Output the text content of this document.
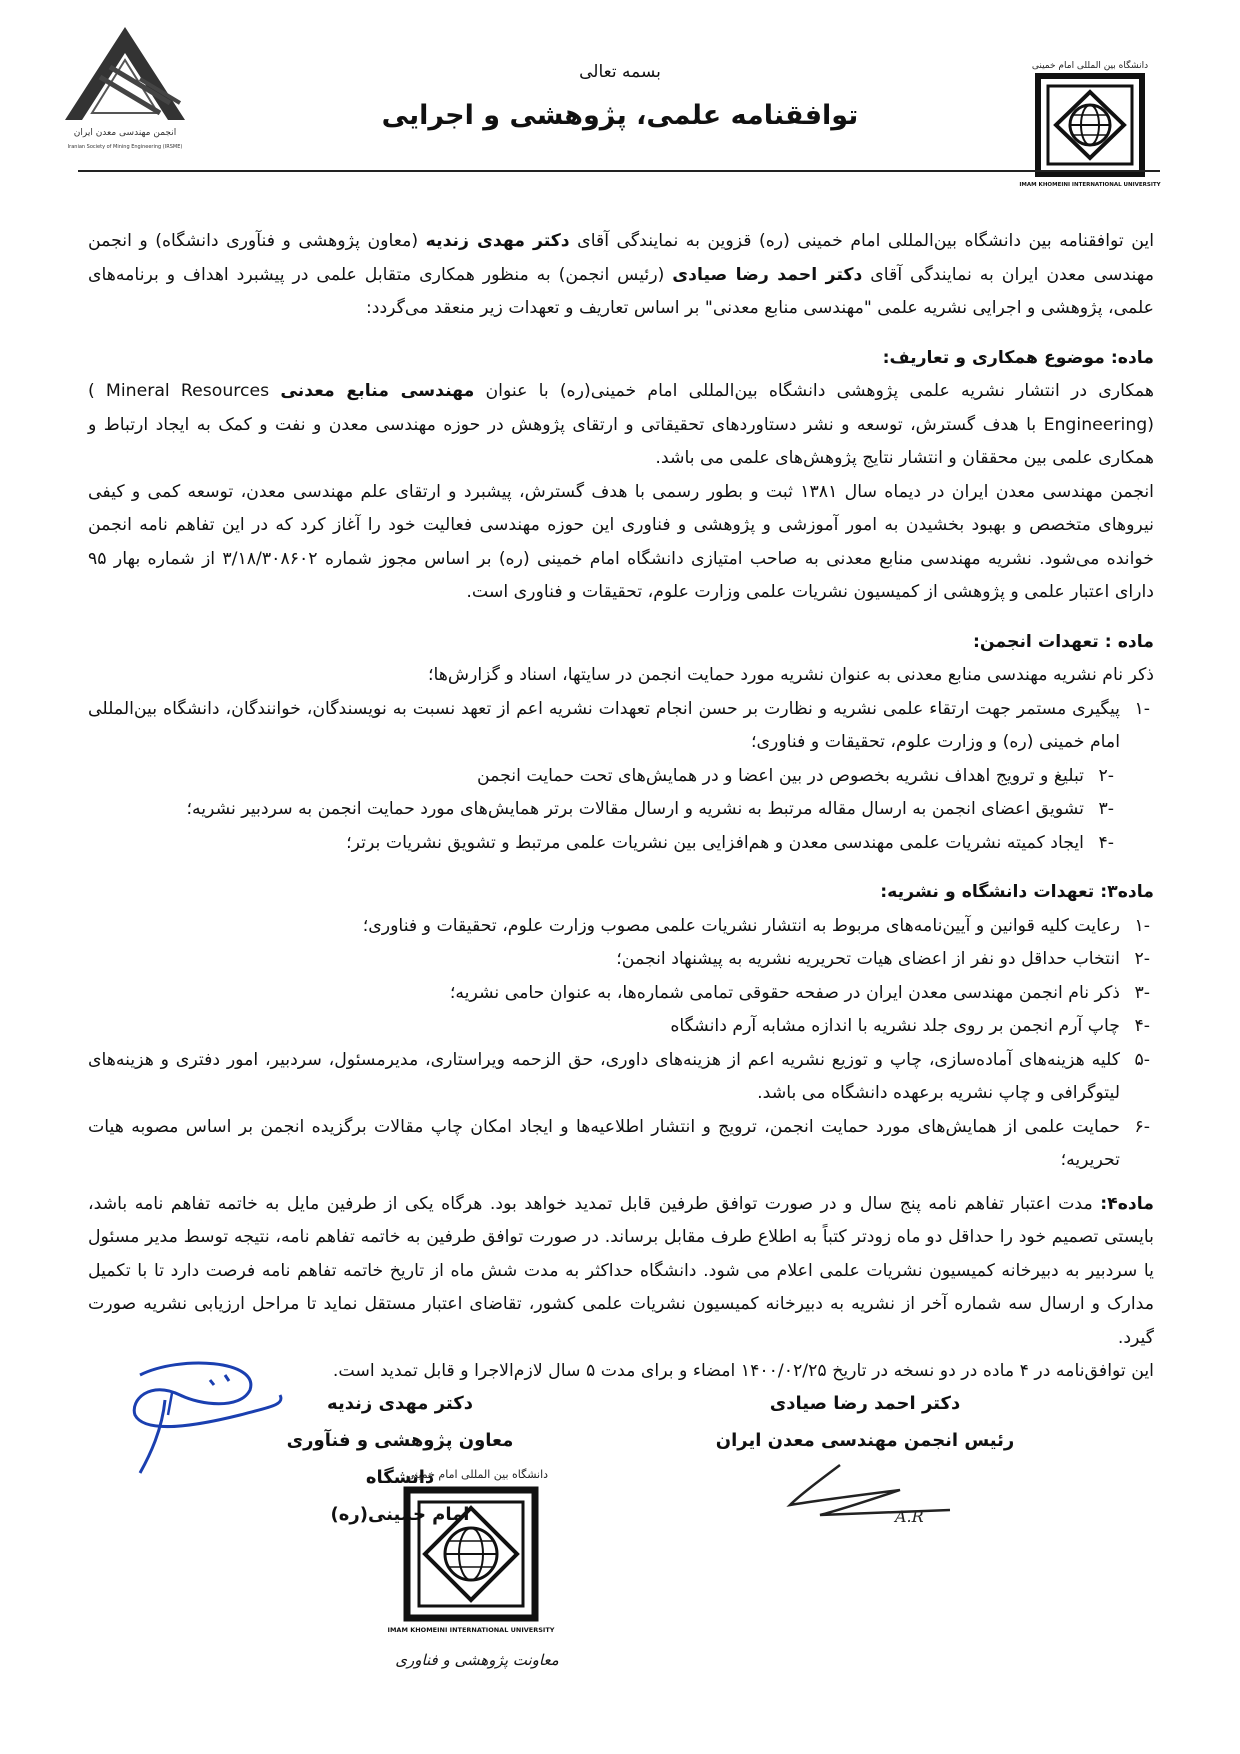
بسمه تعالی
توافقنامه علمی، پژوهشی و اجرایی
انجمن مهندسی معدن ایران
Iranian Society of Mining Engineering (IRSME)
دانشگاه بین المللی امام خمینی
IMAM KHOMEINI INTERNATIONAL UNIVERSITY

این توافقنامه بین دانشگاه بین‌المللی امام خمینی (ره) قزوین به نمایندگی آقای دکتر مهدی زندیه (معاون پژوهشی و فنآوری دانشگاه) و انجمن مهندسی معدن ایران به نمایندگی آقای دکتر احمد رضا صیادی (رئیس انجمن) به منظور همکاری متقابل علمی در پیشبرد اهداف و برنامه‌های علمی، پژوهشی و اجرایی نشریه علمی "مهندسی منابع معدنی" بر اساس تعاریف و تعهدات زیر منعقد می‌گردد:

ماده: موضوع همکاری و تعاریف:

همکاری در انتشار نشریه علمی پژوهشی دانشگاه بین‌المللی امام خمینی(ره) با عنوان مهندسی منابع معدنی ( Mineral Resources Engineering) با هدف گسترش، توسعه و نشر دستاوردهای تحقیقاتی و ارتقای پژوهش در حوزه مهندسی معدن و نفت و کمک به ایجاد ارتباط و همکاری علمی بین محققان و انتشار نتایج پژوهش‌های علمی می باشد.

انجمن مهندسی معدن ایران در دیماه سال ۱۳۸۱ ثبت و بطور رسمی با هدف گسترش، پیشبرد و ارتقای علم مهندسی معدن، توسعه کمی و کیفی نیروهای متخصص و بهبود بخشیدن به امور آموزشی و پژوهشی و فناوری این حوزه مهندسی فعالیت خود را آغاز کرد که در این تفاهم نامه انجمن خوانده می‌شود. نشریه مهندسی منابع معدنی به صاحب امتیازی دانشگاه امام خمینی (ره) بر اساس مجوز شماره ۳/۱۸/۳۰۸۶۰۲ از شماره بهار ۹۵ دارای اعتبار علمی و پژوهشی از کمیسیون نشریات علمی وزارت علوم، تحقیقات و فناوری است.

ماده : تعهدات انجمن:

ذکر نام نشریه مهندسی منابع معدنی به عنوان نشریه مورد حمایت انجمن در سایتها، اسناد و گزارش‌ها؛

-۱
پیگیری مستمر جهت ارتقاء علمی نشریه و نظارت بر حسن انجام تعهدات نشریه اعم از تعهد نسبت به نویسندگان، خوانندگان، دانشگاه بین‌المللی امام خمینی (ره) و وزارت علوم، تحقیقات و فناوری؛
-۲
تبلیغ و ترویج اهداف نشریه بخصوص در بین اعضا و در همایش‌های تحت حمایت انجمن
-۳
تشویق اعضای انجمن به ارسال مقاله مرتبط به نشریه و ارسال مقالات برتر همایش‌های مورد حمایت انجمن به سردبیر نشریه؛
-۴
ایجاد کمیته نشریات علمی مهندسی معدن و هم‌افزایی بین نشریات علمی مرتبط و تشویق نشریات برتر؛

ماده۳: تعهدات دانشگاه و نشریه:

-۱
رعایت کلیه قوانین و آیین‌نامه‌های مربوط به انتشار نشریات علمی مصوب وزارت علوم، تحقیقات و فناوری؛
-۲
انتخاب حداقل دو نفر از اعضای هیات تحریریه نشریه به پیشنهاد انجمن؛
-۳
ذکر نام انجمن مهندسی معدن ایران در صفحه حقوقی تمامی شماره‌ها، به عنوان حامی نشریه؛
-۴
چاپ آرم انجمن بر روی جلد نشریه با اندازه مشابه آرم دانشگاه
-۵
کلیه هزینه‌های آماده‌سازی، چاپ و توزیع نشریه اعم از هزینه‌های داوری، حق الزحمه ویراستاری، مدیرمسئول، سردبیر، امور دفتری و هزینه‌های لیتوگرافی و چاپ نشریه برعهده دانشگاه می باشد.
-۶
حمایت علمی از همایش‌های مورد حمایت انجمن، ترویج و انتشار اطلاعیه‌ها و ایجاد امکان چاپ مقالات برگزیده انجمن بر اساس مصوبه هیات تحریریه؛

ماده۴: مدت اعتبار تفاهم نامه پنج سال و در صورت توافق طرفین قابل تمدید خواهد بود. هرگاه یکی از طرفین مایل به خاتمه تفاهم نامه باشد، بایستی تصمیم خود را حداقل دو ماه زودتر کتباً به اطلاع طرف مقابل برساند. در صورت توافق طرفین به خاتمه تفاهم نامه، نتیجه توسط مدیر مسئول یا سردبیر به دبیرخانه کمیسیون نشریات علمی اعلام می شود. دانشگاه حداکثر به مدت شش ماه از تاریخ خاتمه تفاهم نامه فرصت دارد تا با تکمیل مدارک و ارسال سه شماره آخر از نشریه به دبیرخانه کمیسیون نشریات علمی کشور، تقاضای اعتبار مستقل نماید تا مراحل ارزیابی نشریه صورت گیرد.

این توافق‌نامه در ۴ ماده در دو نسخه در تاریخ ۱۴۰۰/۰۲/۲۵ امضاء و برای مدت ۵ سال لازم‌الاجرا و قابل تمدید است.

دکتر مهدی زندیه
معاون پژوهشی و فنآوری دانشگاه
امام خمینی(ره)
دکتر احمد رضا صیادی
رئیس انجمن مهندسی معدن ایران
A.R
دانشگاه بین المللی امام خمینی
IMAM KHOMEINI INTERNATIONAL UNIVERSITY
معاونت پژوهشی و فناوری
